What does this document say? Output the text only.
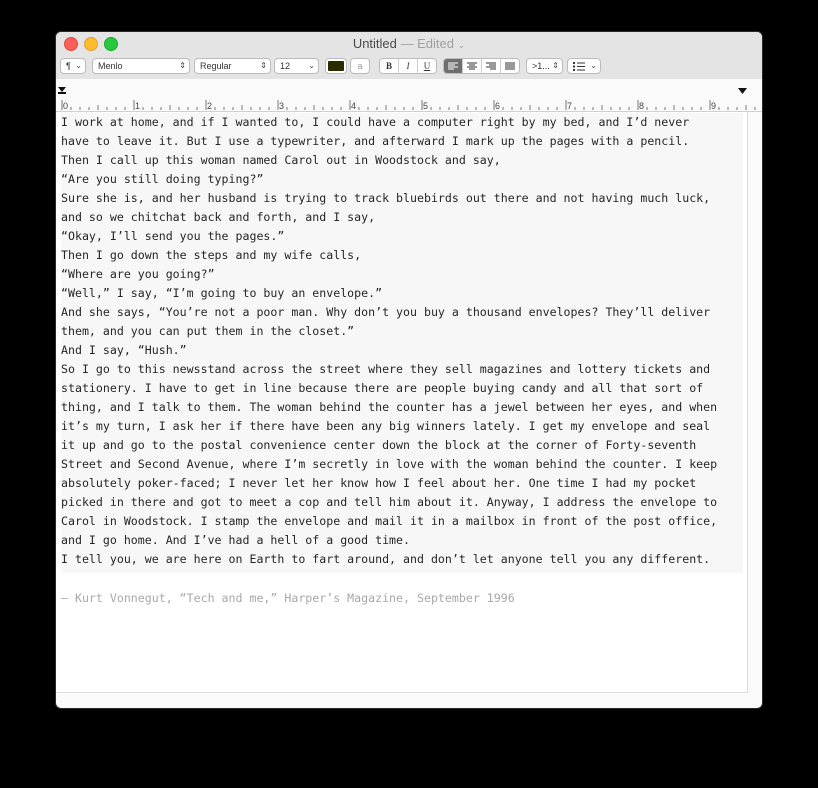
Untitled — Edited ⌄
¶ ⌄	Menlo	⇕	Regular	⇕	12 ⌄	a	B	I	U	>1... ⇕	⌄
0	1	2	3	4	5	6	7	8	9
I work at home, and if I wanted to, I could have a computer right by my bed, and I’d never
have to leave it. But I use a typewriter, and afterward I mark up the pages with a pencil.
Then I call up this woman named Carol out in Woodstock and say,
“Are you still doing typing?”
Sure she is, and her husband is trying to track bluebirds out there and not having much luck,
and so we chitchat back and forth, and I say,
“Okay, I’ll send you the pages.”
Then I go down the steps and my wife calls,
“Where are you going?”
“Well,” I say, “I’m going to buy an envelope.”
And she says, “You’re not a poor man. Why don’t you buy a thousand envelopes? They’ll deliver
them, and you can put them in the closet.”
And I say, “Hush.”
So I go to this newsstand across the street where they sell magazines and lottery tickets and
stationery. I have to get in line because there are people buying candy and all that sort of
thing, and I talk to them. The woman behind the counter has a jewel between her eyes, and when
it’s my turn, I ask her if there have been any big winners lately. I get my envelope and seal
it up and go to the postal convenience center down the block at the corner of Forty-seventh
Street and Second Avenue, where I’m secretly in love with the woman behind the counter. I keep
absolutely poker-faced; I never let her know how I feel about her. One time I had my pocket
picked in there and got to meet a cop and tell him about it. Anyway, I address the envelope to
Carol in Woodstock. I stamp the envelope and mail it in a mailbox in front of the post office,
and I go home. And I’ve had a hell of a good time.
I tell you, we are here on Earth to fart around, and don’t let anyone tell you any different.
— Kurt Vonnegut, “Tech and me,” Harper’s Magazine, September 1996
